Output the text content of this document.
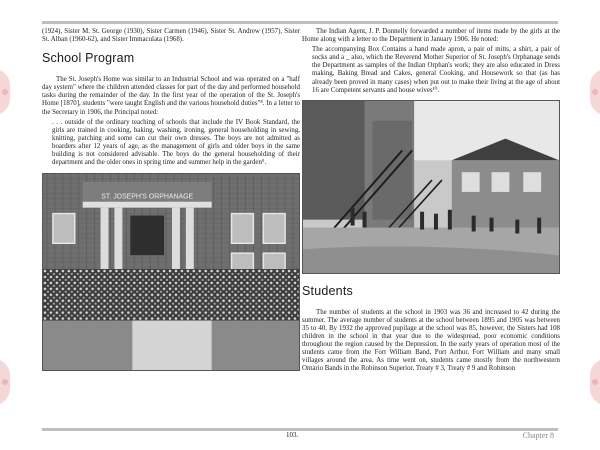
(1924), Sister M. St. George (1930), Sister Carmen (1946), Sister St. Andrew (1957), Sister St. Alban (1960-62), and Sister Immaculata (1968).

School Program

The St. Joseph's Home was similar to an Industrial School and was operated on a "half day system" where the children attended classes for part of the day and performed household tasks during the remainder of the day. In the first year of the operation of the St. Joseph's Home [1870], students "were taught English and the various household duties"⁸. In a letter to the Secretary in 1906, the Principal noted:

. . . outside of the ordinary teaching of schools that include the IV Book Standard, the girls are trained in cooking, baking, washing, ironing, general householding in sewing, knitting, patching and some can cut their own dresses. The boys are not admitted as boarders after 12 years of age, as the management of girls and older boys in the same building is not considered advisable. The boys do the general householding of their department and the older ones in spring time and summer help in the garden⁹.

ST. JOSEPH'S ORPHANAGE

The Indian Agent, J. P. Donnelly forwarded a number of items made by the girls at the Home along with a letter to the Department in January 1906. He noted:

The accompanying Box Contains a hand made apron, a pair of mitts, a shirt, a pair of socks and a _ also, which the Reverend Mother Superior of St. Joseph's Orphanage sends the Department as samples of the Indian Orphan's work; they are also educated in Dress making, Baking Bread and Cakes, general Cooking, and Housework so that (as has already been proved in many cases) when put out to make their living at the age of about 16 are Competent servants and house wives¹⁰.

Students

The number of students at the school in 1903 was 36 and increased to 42 during the summer. The average number of students at the school between 1895 and 1905 was between 35 to 40. By 1932 the approved pupilage at the school was 85, however, the Sisters had 108 children in the school in that year due to the widespread, poor economic conditions throughout the region caused by the Depression. In the early years of operation most of the students came from the Fort William Band, Port Arthur, Fort William and many small villages around the area. As time went on, students came mostly from the northwestern Ontario Bands in the Robinson Superior, Treaty # 3, Treaty # 9 and Robinson

103.	Chapter 8
